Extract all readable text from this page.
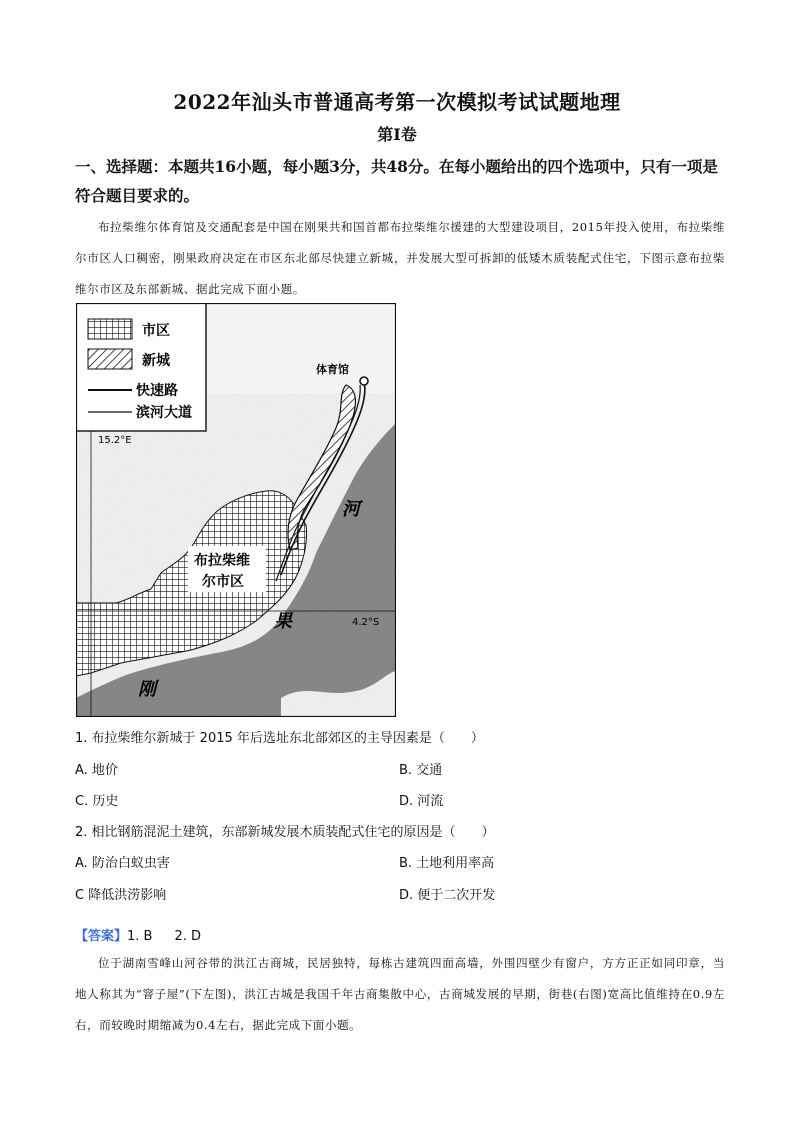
2022年汕头市普通高考第一次模拟考试试题地理
第Ⅰ卷
一、选择题：本题共16小题，每小题3分，共48分。在每小题给出的四个选项中，只有一项是符合题目要求的。
布拉柴维尔体育馆及交通配套是中国在刚果共和国首都布拉柴维尔援建的大型建设项目，2015年投入使用，布拉柴维尔市区人口稠密，刚果政府决定在市区东北部尽快建立新城，并发展大型可拆卸的低矮木质装配式住宅，下图示意布拉柴维尔市区及东部新城、据此完成下面小题。
体育馆
15.2°E
4.2°S
布拉柴维
尔市区
河
果
刚
市区
新城
快速路
滨河大道
1. 布拉柴维尔新城于 2015 年后选址东北部郊区的主导因素是（　　）
A. 地价	B. 交通
C. 历史	D. 河流
2. 相比钢筋混泥土建筑，东部新城发展木质装配式住宅的原因是（　　）
A. 防治白蚁虫害	B. 土地利用率高
C 降低洪涝影响	D. 便于二次开发
【答案】1. B 2. D
位于湖南雪峰山河谷带的洪江古商城，民居独特，每栋古建筑四面高墙，外围四壁少有窗户，方方正正如同印章，当地人称其为“窨子屋”(下左图)，洪江古城是我国千年古商集散中心，古商城发展的早期，街巷(右图)宽高比值维持在0.9左右，而较晚时期缩减为0.4左右，据此完成下面小题。
